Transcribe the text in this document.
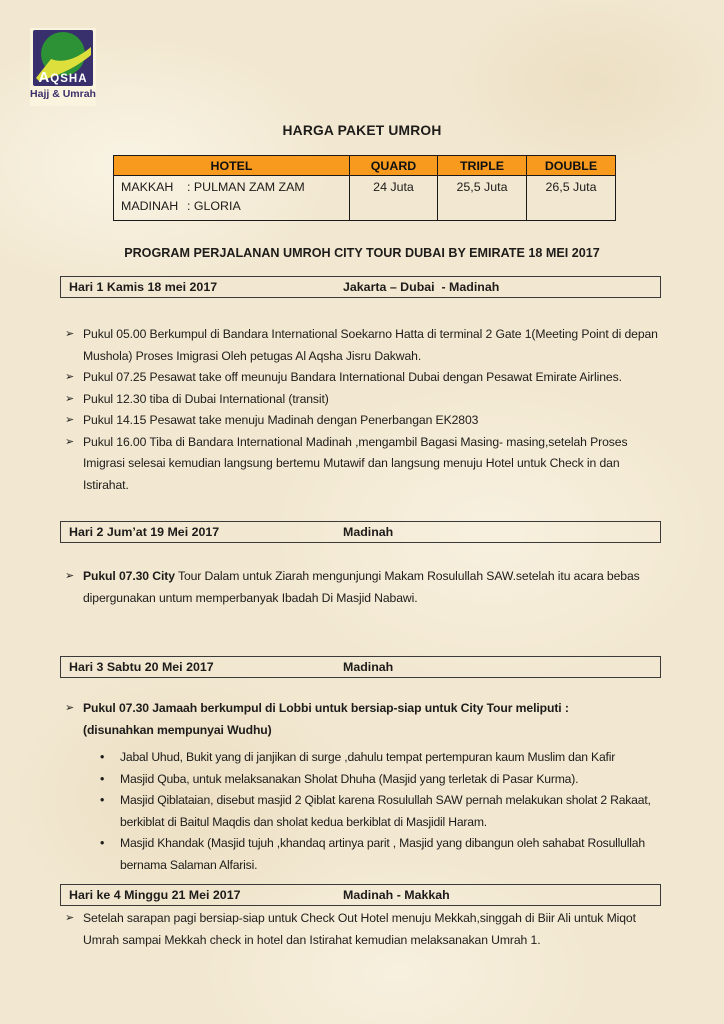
AQSHA
Hajj & Umrah
HARGA PAKET UMROH
HOTEL	QUARD	TRIPLE	DOUBLE

MAKKAH : PULMAN ZAM ZAM
MADINAH : GLORIA	24 Juta	25,5 Juta	26,5 Juta
PROGRAM PERJALANAN UMROH CITY TOUR DUBAI BY EMIRATE 18 MEI 2017
Hari 1 Kamis 18 mei 2017	Jakarta – Dubai  - Madinah
➢ Pukul 05.00 Berkumpul di Bandara International Soekarno Hatta di terminal 2 Gate 1(Meeting Point di depan Mushola) Proses Imigrasi Oleh petugas Al Aqsha Jisru Dakwah.
➢ Pukul 07.25 Pesawat take off meunuju Bandara International Dubai dengan Pesawat Emirate Airlines.
➢ Pukul 12.30 tiba di Dubai International (transit)
➢ Pukul 14.15 Pesawat take menuju Madinah dengan Penerbangan EK2803
➢ Pukul 16.00 Tiba di Bandara International Madinah ,mengambil Bagasi Masing- masing,setelah Proses Imigrasi selesai kemudian langsung bertemu Mutawif dan langsung menuju Hotel untuk Check in dan Istirahat.
Hari 2 Jum’at 19 Mei 2017	Madinah
➢ Pukul 07.30 City Tour Dalam untuk Ziarah mengunjungi Makam Rosulullah SAW.setelah itu acara bebas dipergunakan untum memperbanyak Ibadah Di Masjid Nabawi.
Hari 3 Sabtu 20 Mei 2017	Madinah
➢ Pukul 07.30 Jamaah berkumpul di Lobbi untuk bersiap-siap untuk City Tour meliputi :
(disunahkan mempunyai Wudhu)
•	Jabal Uhud, Bukit yang di janjikan di surge ,dahulu tempat pertempuran kaum Muslim dan Kafir
•	Masjid Quba, untuk melaksanakan Sholat Dhuha (Masjid yang terletak di Pasar Kurma).
•	Masjid Qiblataian, disebut masjid 2 Qiblat karena Rosulullah SAW pernah melakukan sholat 2 Rakaat, berkiblat di Baitul Maqdis dan sholat kedua berkiblat di Masjidil Haram.
•	Masjid Khandak (Masjid tujuh ,khandaq artinya parit , Masjid yang dibangun oleh sahabat Rosullullah bernama Salaman Alfarisi.
Hari ke 4 Minggu 21 Mei 2017	Madinah - Makkah
➢ Setelah sarapan pagi bersiap-siap untuk Check Out Hotel menuju Mekkah,singgah di Biir Ali untuk Miqot Umrah sampai Mekkah check in hotel dan Istirahat kemudian melaksanakan Umrah 1.
